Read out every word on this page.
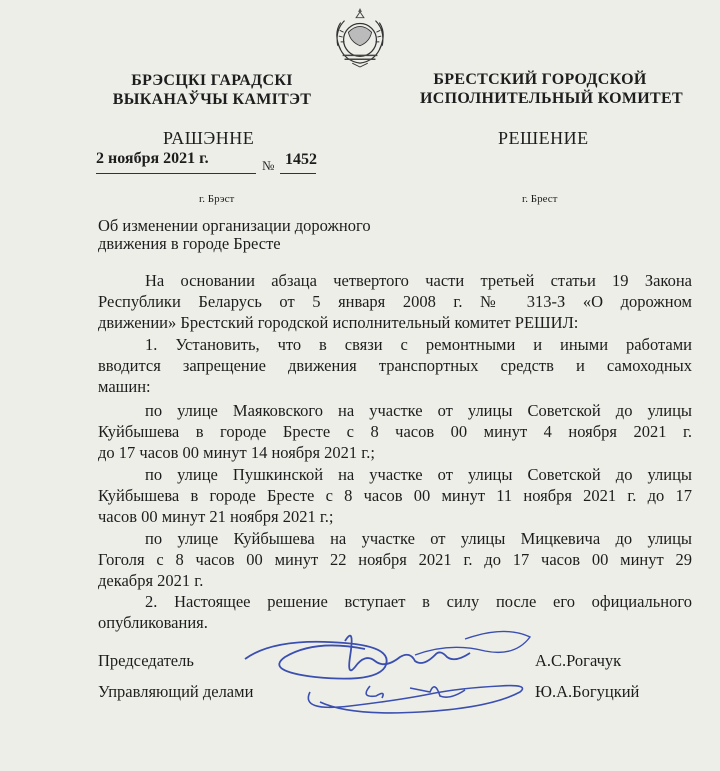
БРЭСЦКІ ГАРАДСКІ

ВЫКАНАЎЧЫ КАМІТЭТ

БРЕСТСКИЙ ГОРОДСКОЙ

ИСПОЛНИТЕЛЬНЫЙ КОМИТЕТ

РАШЭННЕ	РЕШЕНИЕ

2 ноября 2021 г.	№ 1452

г. Брэст	г. Брест

Об изменении организации дорожного

движения в городе Бресте

На основании абзаца четвертого части третьей статьи 19 Закона

Республики Беларусь от 5 января 2008 г. № 313-З «О дорожном

движении» Брестский городской исполнительный комитет РЕШИЛ:

1. Установить, что в связи с ремонтными и иными работами

вводится запрещение движения транспортных средств и самоходных

машин:

по улице Маяковского на участке от улицы Советской до улицы

Куйбышева в городе Бресте с 8 часов 00 минут 4 ноября 2021 г.

до 17 часов 00 минут 14 ноября 2021 г.;

по улице Пушкинской на участке от улицы Советской до улицы

Куйбышева в городе Бресте с 8 часов 00 минут 11 ноября 2021 г. до 17

часов 00 минут 21 ноября 2021 г.;

по улице Куйбышева на участке от улицы Мицкевича до улицы

Гоголя с 8 часов 00 минут 22 ноября 2021 г. до 17 часов 00 минут 29

декабря 2021 г.

2. Настоящее решение вступает в силу после его официального

опубликования.

Председатель	А.С.Рогачук

Управляющий делами	Ю.А.Богуцкий
